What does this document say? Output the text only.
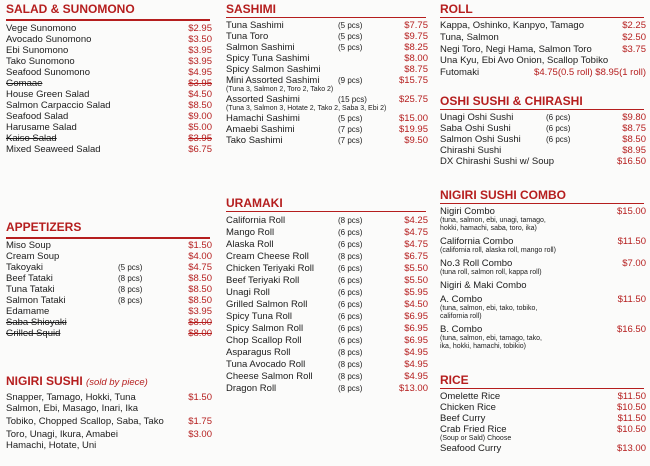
SALAD & SUNOMONO
Vege Sunomono	$2.95
Avocado Sunomono	$3.50
Ebi Sunomono	$3.95
Tako Sunomono	$3.95
Seafood Sunomono	$4.95
Gomaae	$3.95
House Green Salad	$4.50
Salmon Carpaccio Salad	$8.50
Seafood Salad	$9.00
Harusame Salad	$5.00
Kaiso Salad	$3.95
Mixed Seaweed Salad	$6.75
APPETIZERS
Miso Soup	$1.50
Cream Soup	$4.00
Takoyaki	(5 pcs)	$4.75
Beef Tataki	(8 pcs)	$8.50
Tuna Tataki	(8 pcs)	$8.50
Salmon Tataki	(8 pcs)	$8.50
Edamame	$3.95
Saba Shioyaki	$8.00
Grilled Squid	$8.00
NIGIRI SUSHI (sold by piece)
Snapper, Tamago, Hokki, Tuna	$1.50
Salmon, Ebi, Masago, Inari, Ika
Tobiko, Chopped Scallop, Saba, Tako	$1.75
Toro, Unagi, Ikura, Amabei	$3.00
Hamachi, Hotate, Uni
SASHIMI
Tuna Sashimi	(5 pcs)	$7.75
Tuna Toro	(5 pcs)	$9.75
Salmon Sashimi	(5 pcs)	$8.25
Spicy Tuna Sashimi	$8.00
Spicy Salmon Sashimi	$8.75
Mini Assorted Sashimi	(9 pcs)	$15.75
(Tuna 3, Salmon 2, Toro 2, Tako 2)
Assorted Sashimi	(15 pcs)	$25.75
(Tuna 3, Salmon 3, Hotate 2, Tako 2, Saba 3, Ebi 2)
Hamachi Sashimi	(5 pcs)	$15.00
Amaebi Sashimi	(7 pcs)	$19.95
Tako Sashimi	(7 pcs)	$9.50
URAMAKI
California Roll	(8 pcs)	$4.25
Mango Roll	(6 pcs)	$4.75
Alaska Roll	(6 pcs)	$4.75
Cream Cheese Roll	(8 pcs)	$6.75
Chicken Teriyaki Roll	(6 pcs)	$5.50
Beef Teriyaki Roll	(6 pcs)	$5.50
Unagi Roll	(6 pcs)	$5.95
Grilled Salmon Roll	(6 pcs)	$4.50
Spicy Tuna Roll	(6 pcs)	$6.95
Spicy Salmon Roll	(6 pcs)	$6.95
Chop Scallop Roll	(6 pcs)	$6.95
Asparagus Roll	(8 pcs)	$4.95
Tuna Avocado Roll	(8 pcs)	$4.95
Cheese Salmon Roll	(8 pcs)	$4.95
Dragon Roll	(8 pcs)	$13.00
ROLL
Kappa, Oshinko, Kanpyo, Tamago	$2.25
Tuna, Salmon	$2.50
Negi Toro, Negi Hama, Salmon Toro	$3.75
Una Kyu, Ebi Avo Onion, Scallop Tobiko
Futomaki	$4.75(0.5 roll) $8.95(1 roll)
OSHI SUSHI & CHIRASHI
Unagi Oshi Sushi	(6 pcs)	$9.80
Saba Oshi Sushi	(6 pcs)	$8.75
Salmon Oshi Sushi	(6 pcs)	$8.50
Chirashi Sushi	$8.95
DX Chirashi Sushi w/ Soup	$16.50
NIGIRI SUSHI COMBO
Nigiri Combo	$15.00
(tuna, salmon, ebi, unagi, tamago,
hokki, hamachi, saba, toro, ika)
California Combo	$11.50
(california roll, alaska roll, mango roll)
No.3 Roll Combo	$7.00
(tuna roll, salmon roll, kappa roll)
Nigiri & Maki Combo
A. Combo	$11.50
(tuna, salmon, ebi, tako, tobiko,
california roll)
B. Combo	$16.50
(tuna, salmon, ebi, tamago, tako,
ika, hokki, hamachi, tobikio)
RICE
Omelette Rice	$11.50
Chicken Rice	$10.50
Beef Curry	$11.50
Crab Fried Rice	$10.50
(Soup or Sald) Choose
Seafood Curry	$13.00
